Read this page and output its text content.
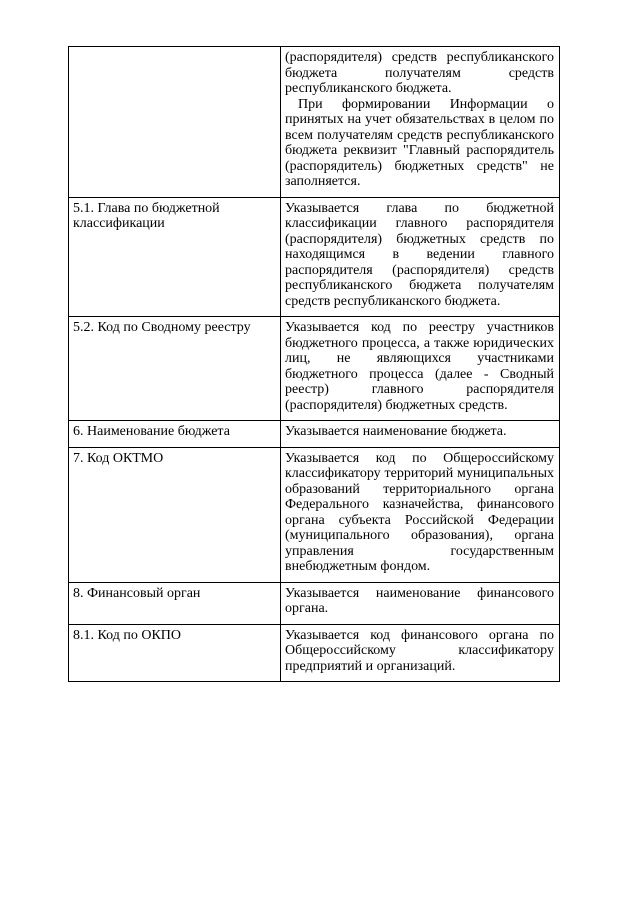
	(распорядителя) средств республиканского бюджета получателям средств республиканского бюджета.

При формировании Информации о принятых на учет обязательствах в целом по всем получателям средств республиканского бюджета реквизит "Главный распорядитель (распорядитель) бюджетных средств" не заполняется.

5.1. Глава по бюджетной классификации	Указывается глава по бюджетной классификации главного распорядителя (распорядителя) бюджетных средств по находящимся в ведении главного распорядителя (распорядителя) средств республиканского бюджета получателям средств республиканского бюджета.

5.2. Код по Сводному реестру	Указывается код по реестру участников бюджетного процесса, а также юридических лиц, не являющихся участниками бюджетного процесса (далее - Сводный реестр) главного распорядителя (распорядителя) бюджетных средств.

6. Наименование бюджета	Указывается наименование бюджета.

7. Код ОКТМО	Указывается код по Общероссийскому классификатору территорий муниципальных образований территориального органа Федерального казначейства, финансового органа субъекта Российской Федерации (муниципального образования), органа управления государственным внебюджетным фондом.

8. Финансовый орган	Указывается наименование финансового органа.

8.1. Код по ОКПО	Указывается код финансового органа по Общероссийскому классификатору предприятий и организаций.
